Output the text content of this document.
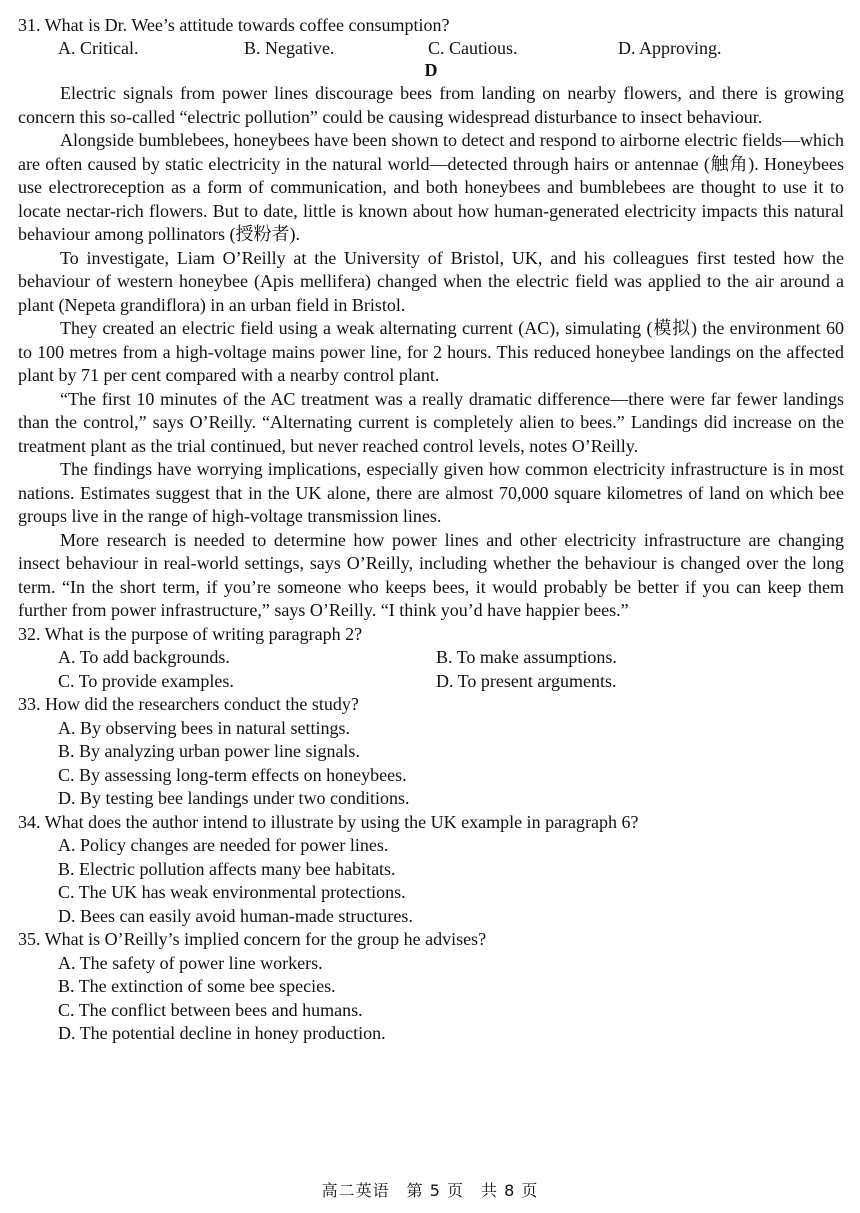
31. What is Dr. Wee’s attitude towards coffee consumption?
A. Critical.	B. Negative.	C. Cautious.	D. Approving.
D

Electric signals from power lines discourage bees from landing on nearby flowers, and there is growing concern this so-called “electric pollution” could be causing widespread disturbance to insect behaviour.

Alongside bumblebees, honeybees have been shown to detect and respond to airborne electric fields—which are often caused by static electricity in the natural world—detected through hairs or antennae (触角). Honeybees use electroreception as a form of communication, and both honeybees and bumblebees are thought to use it to locate nectar-rich flowers. But to date, little is known about how human-generated electricity impacts this natural behaviour among pollinators (授粉者).

To investigate, Liam O’Reilly at the University of Bristol, UK, and his colleagues first tested how the behaviour of western honeybee (Apis mellifera) changed when the electric field was applied to the air around a plant (Nepeta grandiflora) in an urban field in Bristol.

They created an electric field using a weak alternating current (AC), simulating (模拟) the environment 60 to 100 metres from a high-voltage mains power line, for 2 hours. This reduced honeybee landings on the affected plant by 71 per cent compared with a nearby control plant.

“The first 10 minutes of the AC treatment was a really dramatic difference—there were far fewer landings than the control,” says O’Reilly. “Alternating current is completely alien to bees.” Landings did increase on the treatment plant as the trial continued, but never reached control levels, notes O’Reilly.

The findings have worrying implications, especially given how common electricity infrastructure is in most nations. Estimates suggest that in the UK alone, there are almost 70,000 square kilometres of land on which bee groups live in the range of high-voltage transmission lines.

More research is needed to determine how power lines and other electricity infrastructure are changing insect behaviour in real-world settings, says O’Reilly, including whether the behaviour is changed over the long term. “In the short term, if you’re someone who keeps bees, it would probably be better if you can keep them further from power infrastructure,” says O’Reilly. “I think you’d have happier bees.”

32. What is the purpose of writing paragraph 2?
A. To add backgrounds.	B. To make assumptions.
C. To provide examples.	D. To present arguments.
33. How did the researchers conduct the study?
A. By observing bees in natural settings.
B. By analyzing urban power line signals.
C. By assessing long-term effects on honeybees.
D. By testing bee landings under two conditions.
34. What does the author intend to illustrate by using the UK example in paragraph 6?
A. Policy changes are needed for power lines.
B. Electric pollution affects many bee habitats.
C. The UK has weak environmental protections.
D. Bees can easily avoid human-made structures.
35. What is O’Reilly’s implied concern for the group he advises?
A. The safety of power line workers.
B. The extinction of some bee species.
C. The conflict between bees and humans.
D. The potential decline in honey production.
高二英语　第 5 页　共 8 页
